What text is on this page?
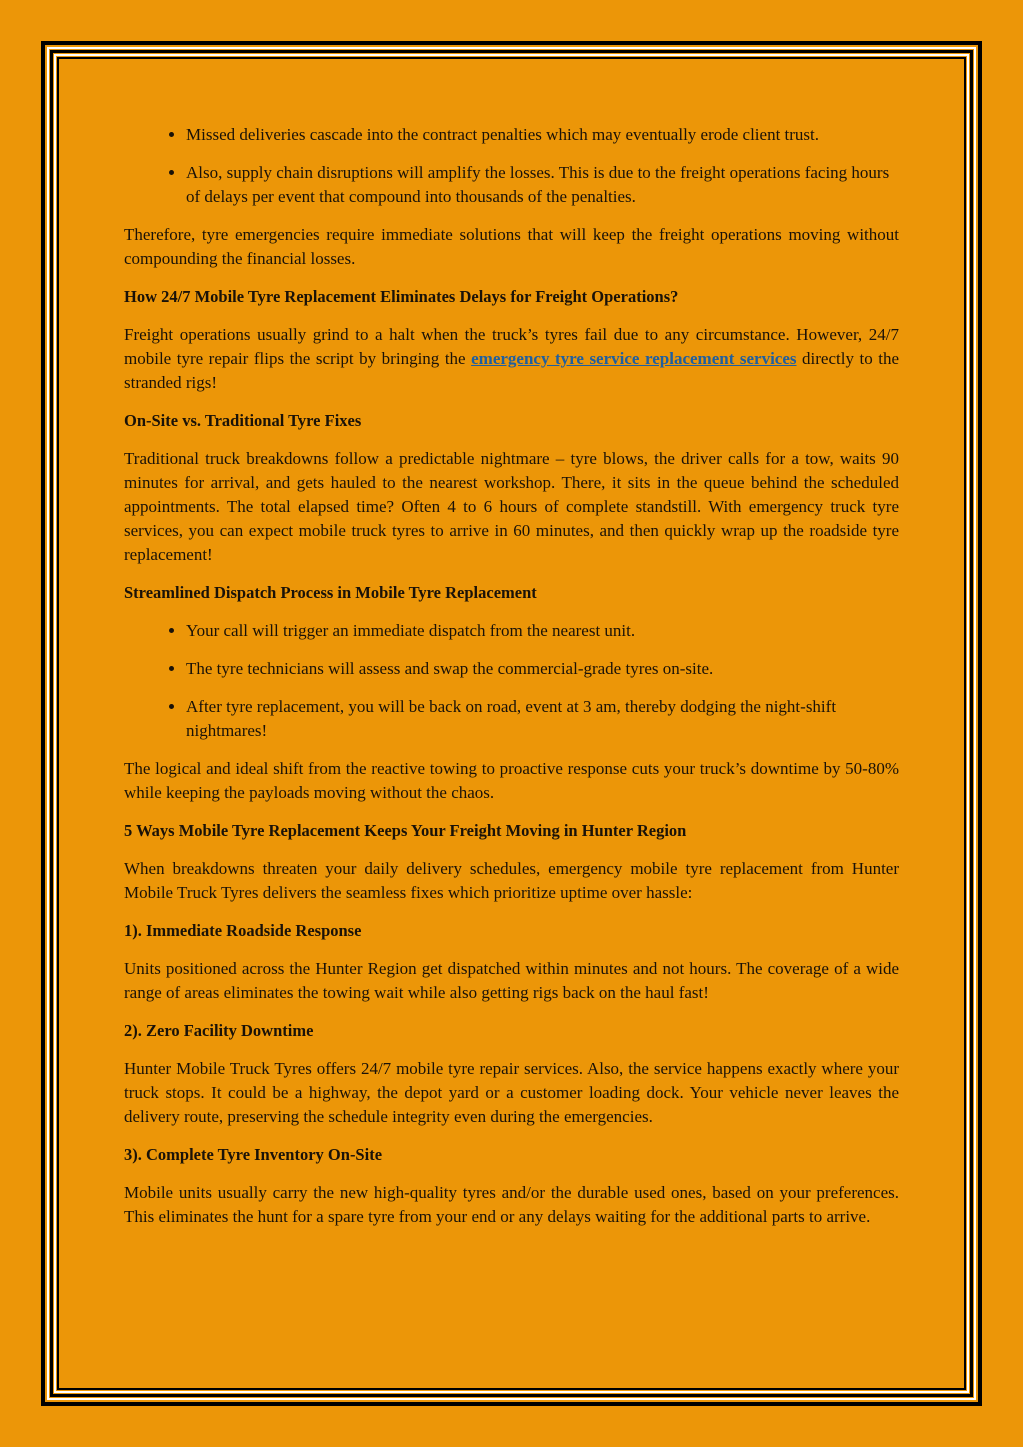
• Missed deliveries cascade into the contract penalties which may eventually erode client trust.
• Also, supply chain disruptions will amplify the losses. This is due to the freight operations facing hours of delays per event that compound into thousands of the penalties.

Therefore, tyre emergencies require immediate solutions that will keep the freight operations moving without compounding the financial losses.

How 24/7 Mobile Tyre Replacement Eliminates Delays for Freight Operations?

Freight operations usually grind to a halt when the truck’s tyres fail due to any circumstance. However, 24/7 mobile tyre repair flips the script by bringing the emergency tyre service replacement services directly to the stranded rigs!

On-Site vs. Traditional Tyre Fixes

Traditional truck breakdowns follow a predictable nightmare – tyre blows, the driver calls for a tow, waits 90 minutes for arrival, and gets hauled to the nearest workshop. There, it sits in the queue behind the scheduled appointments. The total elapsed time? Often 4 to 6 hours of complete standstill. With emergency truck tyre services, you can expect mobile truck tyres to arrive in 60 minutes, and then quickly wrap up the roadside tyre replacement!

Streamlined Dispatch Process in Mobile Tyre Replacement
• Your call will trigger an immediate dispatch from the nearest unit.
• The tyre technicians will assess and swap the commercial-grade tyres on-site.
• After tyre replacement, you will be back on road, event at 3 am, thereby dodging the night-shift nightmares!

The logical and ideal shift from the reactive towing to proactive response cuts your truck’s downtime by 50-80% while keeping the payloads moving without the chaos.

5 Ways Mobile Tyre Replacement Keeps Your Freight Moving in Hunter Region

When breakdowns threaten your daily delivery schedules, emergency mobile tyre replacement from Hunter Mobile Truck Tyres delivers the seamless fixes which prioritize uptime over hassle:

1). Immediate Roadside Response

Units positioned across the Hunter Region get dispatched within minutes and not hours. The coverage of a wide range of areas eliminates the towing wait while also getting rigs back on the haul fast!

2). Zero Facility Downtime

Hunter Mobile Truck Tyres offers 24/7 mobile tyre repair services. Also, the service happens exactly where your truck stops. It could be a highway, the depot yard or a customer loading dock. Your vehicle never leaves the delivery route, preserving the schedule integrity even during the emergencies.

3). Complete Tyre Inventory On-Site

Mobile units usually carry the new high-quality tyres and/or the durable used ones, based on your preferences. This eliminates the hunt for a spare tyre from your end or any delays waiting for the additional parts to arrive.
